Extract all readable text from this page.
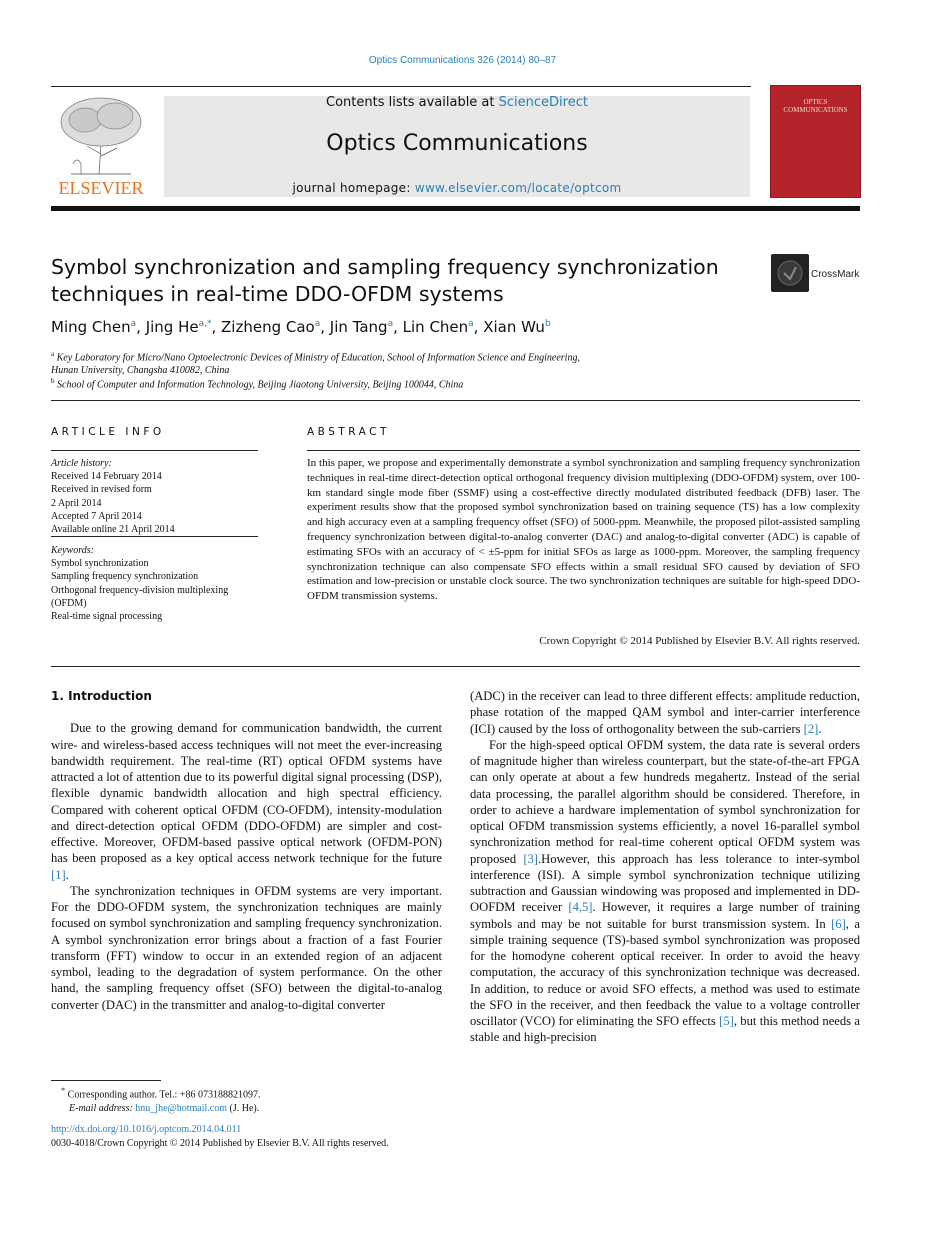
Optics Communications 326 (2014) 80–87
ELSEVIER
Contents lists available at ScienceDirect
Optics Communications
journal homepage: www.elsevier.com/locate/optcom
OPTICS
COMMUNICATIONS
Symbol synchronization and sampling frequency synchronization techniques in real-time DDO-OFDM systems
CrossMark
Ming Chen$^a$, Jing $He^{a,*}$, Zizheng Cao$^a$, Jin Tang$^a$, Lin Chen$^a$, Xian Wu$^b$
$^a$ Key Laboratory for Micro/Nano Optoelectronic Devices of Ministry of Education, School of Information Science and Engineering,
Hunan University, Changsha 410082, China
$^b$ School of Computer and Information Technology, Beijing Jiaotong University, Beijing 100044, China
ARTICLE INFO	ABSTRACT
Article history:
Received 14 February 2014
Received in revised form
2 April 2014
Accepted 7 April 2014
Available online 21 April 2014
Keywords:
Symbol synchronization
Sampling frequency synchronization
Orthogonal frequency-division multiplexing
(OFDM)
Real-time signal processing
In this paper, we propose and experimentally demonstrate a symbol synchronization and sampling frequency synchronization techniques in real-time direct-detection optical orthogonal frequency division multiplexing (DDO-OFDM) system, over 100-km standard single mode fiber (SSMF) using a cost-effective directly modulated distributed feedback (DFB) laser. The experiment results show that the proposed symbol synchronization based on training sequence (TS) has a low complexity and high accuracy even at a sampling frequency offset (SFO) of 5000-ppm. Meanwhile, the proposed pilot-assisted sampling frequency synchronization between digital-to-analog converter (DAC) and analog-to-digital converter (ADC) is capable of estimating SFOs with an accuracy of < ±5-ppm for initial SFOs as large as 1000-ppm. Moreover, the sampling frequency synchronization technique can also compensate SFO effects within a small residual SFO caused by deviation of SFO estimation and low-precision or unstable clock source. The two synchronization techniques are suitable for high-speed DDO-OFDM transmission systems.
Crown Copyright © 2014 Published by Elsevier B.V. All rights reserved.
1. Introduction

Due to the growing demand for communication bandwidth, the current wire- and wireless-based access techniques will not meet the ever-increasing bandwidth requirement. The real-time (RT) optical OFDM systems have attracted a lot of attention due to its powerful digital signal processing (DSP), flexible dynamic bandwidth allocation and high spectral efficiency. Compared with coherent optical OFDM (CO-OFDM), intensity-modulation and direct-detection optical OFDM (DDO-OFDM) are simpler and cost-effective. Moreover, OFDM-based passive optical network (OFDM-PON) has been proposed as a key optical access network technique for the future [1].

The synchronization techniques in OFDM systems are very important. For the DDO-OFDM system, the synchronization techniques are mainly focused on symbol synchronization and sampling frequency synchronization. A symbol synchronization error brings about a fraction of a fast Fourier transform (FFT) window to occur in an extended region of an adjacent symbol, leading to the degradation of system performance. On the other hand, the sampling frequency offset (SFO) between the digital-to-analog converter (DAC) in the transmitter and analog-to-digital converter

(ADC) in the receiver can lead to three different effects: amplitude reduction, phase rotation of the mapped QAM symbol and inter-carrier interference (ICI) caused by the loss of orthogonality between the sub-carriers [2].

For the high-speed optical OFDM system, the data rate is several orders of magnitude higher than wireless counterpart, but the state-of-the-art FPGA can only operate at about a few hundreds megahertz. Instead of the serial data processing, the parallel algorithm should be considered. Therefore, in order to achieve a hardware implementation of symbol synchronization for optical OFDM transmission systems efficiently, a novel 16-parallel symbol synchronization method for real-time coherent optical OFDM system was proposed [3].However, this approach has less tolerance to inter-symbol interference (ISI). A simple symbol synchronization technique utilizing subtraction and Gaussian windowing was proposed and implemented in DD-OOFDM receiver [4,5]. However, it requires a large number of training symbols and may be not suitable for burst transmission system. In [6], a simple training sequence (TS)-based symbol synchronization was proposed for the homodyne coherent optical receiver. In order to avoid the heavy computation, the accuracy of this synchronization technique was decreased. In addition, to reduce or avoid SFO effects, a method was used to estimate the SFO in the receiver, and then feedback the value to a voltage controller oscillator (VCO) for eliminating the SFO effects [5], but this method needs a stable and high-precision

* Corresponding author. Tel.: +86 073188821097.
E-mail address: hnu_jhe@hotmail.com (J. He).
http://dx.doi.org/10.1016/j.optcom.2014.04.011
0030-4018/Crown Copyright © 2014 Published by Elsevier B.V. All rights reserved.
